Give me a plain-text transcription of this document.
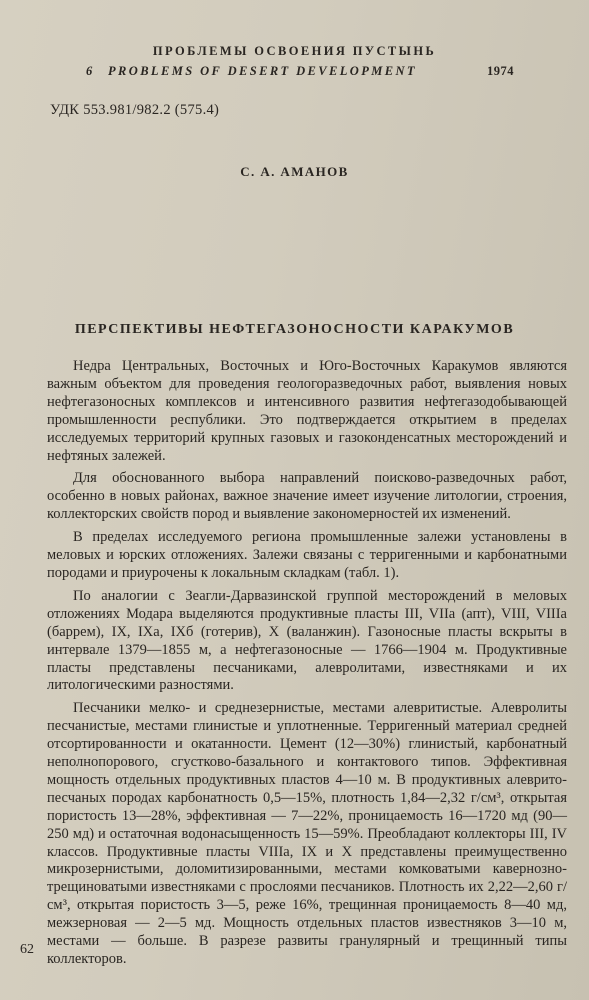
ПРОБЛЕМЫ ОСВОЕНИЯ ПУСТЫНЬ
6 PROBLEMS OF DESERT DEVELOPMENT	1974
УДК 553.981/982.2 (575.4)
С. А. АМАНОВ
ПЕРСПЕКТИВЫ НЕФТЕГАЗОНОСНОСТИ КАРАКУМОВ

Недра Центральных, Восточных и Юго-Восточных Каракумов являются важным объектом для проведения геологоразведочных работ, выявления новых нефтегазоносных комплексов и интенсивного развития нефтегазодобывающей промышленности республики. Это подтверждается открытием в пределах исследуемых территорий крупных газовых и газоконденсатных месторождений и нефтяных залежей.

Для обоснованного выбора направлений поисково-разведочных работ, особенно в новых районах, важное значение имеет изучение литологии, строения, коллекторских свойств пород и выявление закономерностей их изменений.

В пределах исследуемого региона промышленные залежи установлены в меловых и юрских отложениях. Залежи связаны с терригенными и карбонатными породами и приурочены к локальным складкам (табл. 1).

По аналогии с Зеагли-Дарвазинской группой месторождений в меловых отложениях Модара выделяются продуктивные пласты III, VIIa (апт), VIII, VIIIa (баррем), IX, IXa, IXб (готерив), X (валанжин). Газоносные пласты вскрыты в интервале 1379—1855 м, а нефтегазоносные — 1766—1904 м. Продуктивные пласты представлены песчаниками, алевролитами, известняками и их литологическими разностями.

Песчаники мелко- и среднезернистые, местами алевритистые. Алевролиты песчанистые, местами глинистые и уплотненные. Терригенный материал средней отсортированности и окатанности. Цемент (12—30%) глинистый, карбонатный неполнопорового, сгустково-базального и контактового типов. Эффективная мощность отдельных продуктивных пластов 4—10 м. В продуктивных алеврито-песчаных породах карбонатность 0,5—15%, плотность 1,84—2,32 г/см³, открытая пористость 13—28%, эффективная — 7—22%, проницаемость 16—1720 мд (90—250 мд) и остаточная водонасыщенность 15—59%. Преобладают коллекторы III, IV классов. Продуктивные пласты VIIIa, IX и X представлены преимущественно микрозернистыми, доломитизированными, местами комковатыми кавернозно-трещиноватыми известняками с прослоями песчаников. Плотность их 2,22—2,60 г/см³, открытая пористость 3—5, реже 16%, трещинная проницаемость 8—40 мд, межзерновая — 2—5 мд. Мощность отдельных пластов известняков 3—10 м, местами — больше. В разрезе развиты гранулярный и трещинный типы коллекторов.

62
